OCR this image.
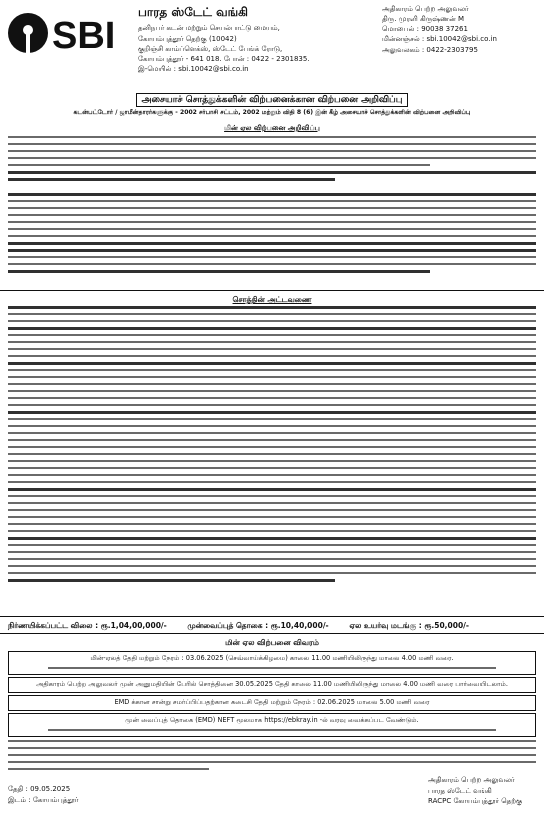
SBI
பாரத ஸ்டேட் வங்கி
தனிநபர் கடன் மற்றும் செயல்பாட்டு மையம்,
கோயம்புத்தூர் தெற்கு (10042)
குறிஞ்சி காம்ப்ளெக்ஸ், ஸ்டேட் பேங்க் ரோடு,
கோயம்புத்தூர் - 641 018. போன் : 0422 - 2301835.
இ-மெயில் : sbi.10042@sbi.co.in
அதிகாரம் பெற்ற அலுவலர்
திரு. முரளி கிருஷ்ணன் M
மொபைல் : 90038 37261
மின்னஞ்சல் : sbi.10042@sbi.co.in
அலுவலகம் : 0422-2303795
அசையாச் சொத்துக்களின் விற்பனைக்கான விற்பனை அறிவிப்பு
கடன்பட்டோர் / ஜாமீன்தாரர்களுக்கு - 2002 சர்பாசி சட்டம், 2002 மற்றும் விதி 8 (6) இன் கீழ் அசையாச் சொத்துக்களின் விற்பனை அறிவிப்பு
மின் ஏல விற்பனை அறிவிப்பு
சொத்தின் அட்டவணை
நிர்ணயிக்கப்பட்ட விலை : ரூ.1,04,00,000/-	முன்வைப்புத் தொகை : ரூ.10,40,000/-	ஏல உயர்வு மடங்கு : ரூ.50,000/-
மின் ஏல விற்பனை விவரம்
மின்-ஏலத் தேதி மற்றும் நேரம் : 03.06.2025 (செவ்வாய்க்கிழமை) காலை 11.00 மணியிலிருந்து மாலை 4.00 மணி வரை.
அதிகாரம் பெற்ற அலுவலர் முன் அனுமதியின் பேரில் சொத்தினை 30.05.2025 தேதி காலை 11.00 மணியிலிருந்து மாலை 4.00 மணி வரை பார்வையிடலாம்.
EMD க்கான சான்று சமர்ப்பிப்பதற்கான கடைசி தேதி மற்றும் நேரம் : 02.06.2025 மாலை 5.00 மணி வரை
முன் வைப்புத் தொகை (EMD) NEFT மூலமாக https://ebkray.in -ல் வரவு வைக்கப்பட வேண்டும்.
அதிகாரம் பெற்ற அலுவலர்
பாரத ஸ்டேட் வங்கி
RACPC கோயம்புத்தூர் தெற்கு
தேதி : 09.05.2025
இடம் : கோயம்புத்தூர்
